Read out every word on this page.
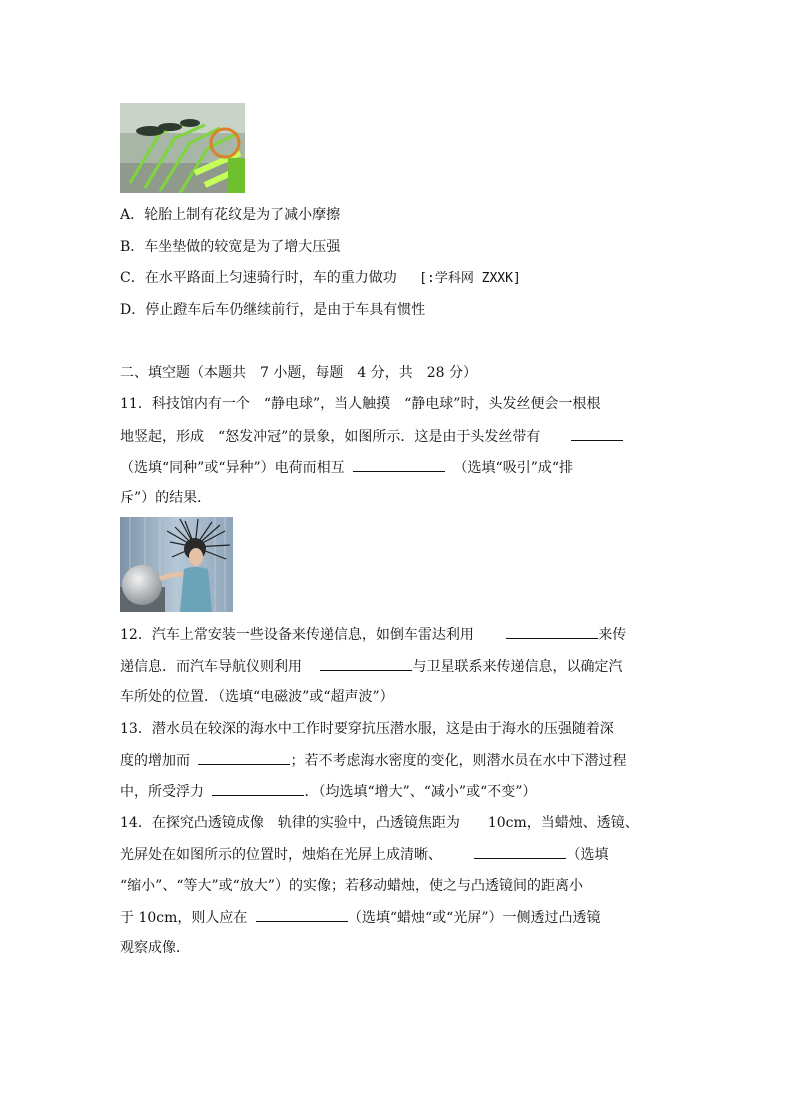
A．轮胎上制有花纹是为了减小摩擦
B．车坐垫做的较宽是为了增大压强
C．在水平路面上匀速骑行时，车的重力做功 [:学科网 ZXXK]
D．停止蹬车后车仍继续前行，是由于车具有惯性
二、填空题（本题共　7 小题，每题　4 分，共　28 分）
11．科技馆内有一个　“静电球”，当人触摸　“静电球”时，头发丝便会一根根
地竖起，形成　“怒发冲冠”的景象，如图所示．这是由于头发丝带有
（选填“同种”或“异种”）电荷而相互	（选填“吸引”成“排
斥”）的结果．
12．汽车上常安装一些设备来传递信息，如倒车雷达利用	来传
递信息．而汽车导航仪则利用	与卫星联系来传递信息，以确定汽
车所处的位置．（选填“电磁波”或“超声波”）
13．潜水员在较深的海水中工作时要穿抗压潜水服，这是由于海水的压强随着深
度的增加而	；若不考虑海水密度的变化，则潜水员在水中下潜过程
中，所受浮力	．（均选填“增大”、“减小”或“不变”）
14．在探究凸透镜成像　轨律的实验中，凸透镜焦距为　　10cm，当蜡烛、透镜、
光屏处在如图所示的位置时，烛焰在光屏上成清晰、	（选填
“缩小”、“等大”或“放大”）的实像；若移动蜡烛，使之与凸透镜间的距离小
于 10cm，则人应在	（选填“蜡烛“或“光屏”）一侧透过凸透镜
观察成像．
